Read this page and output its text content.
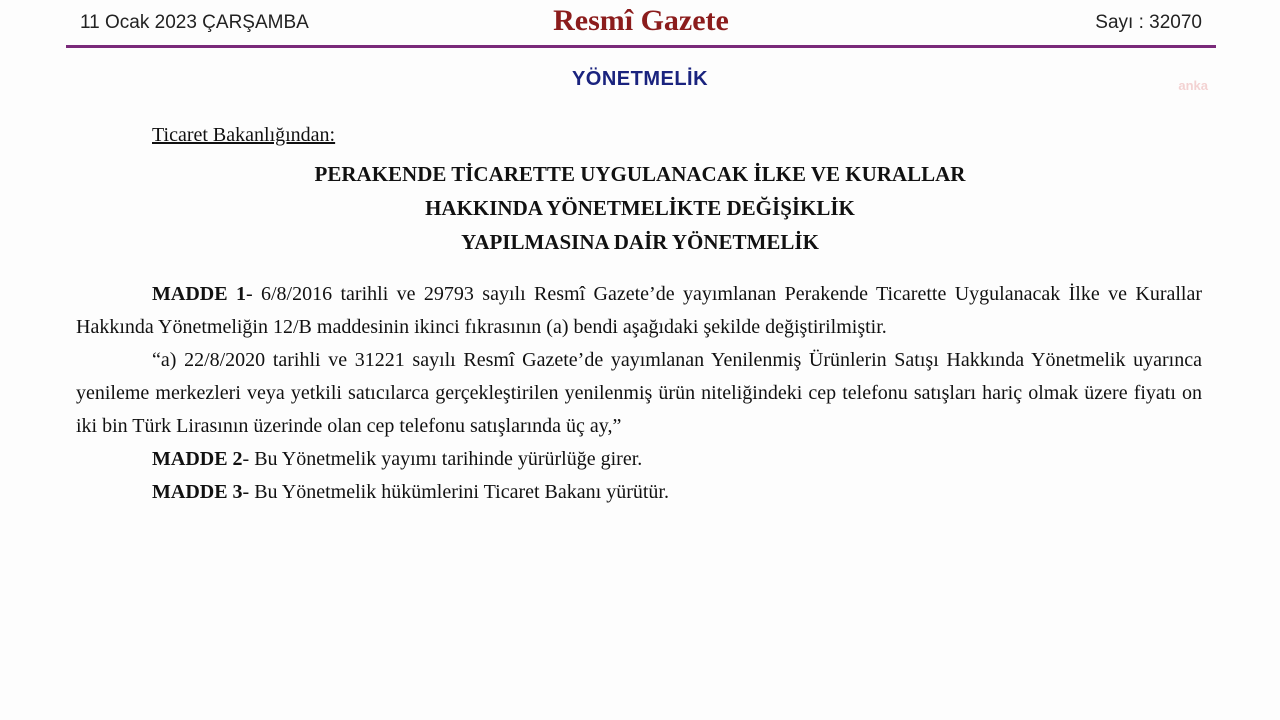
11 Ocak 2023 ÇARŞAMBA	Resmî Gazete	Sayı : 32070
YÖNETMELİK	anka
Ticaret Bakanlığından:
PERAKENDE TİCARETTE UYGULANACAK İLKE VE KURALLAR
HAKKINDA YÖNETMELİKTE DEĞİŞİKLİK
YAPILMASINA DAİR YÖNETMELİK

MADDE 1- 6/8/2016 tarihli ve 29793 sayılı Resmî Gazete’de yayımlanan Perakende Ticarette Uygulanacak İlke ve Kurallar Hakkında Yönetmeliğin 12/B maddesinin ikinci fıkrasının (a) bendi aşağıdaki şekilde değiştirilmiştir.

“a) 22/8/2020 tarihli ve 31221 sayılı Resmî Gazete’de yayımlanan Yenilenmiş Ürünlerin Satışı Hakkında Yönetmelik uyarınca yenileme merkezleri veya yetkili satıcılarca gerçekleştirilen yenilenmiş ürün niteliğindeki cep telefonu satışları hariç olmak üzere fiyatı on iki bin Türk Lirasının üzerinde olan cep telefonu satışlarında üç ay,”

MADDE 2- Bu Yönetmelik yayımı tarihinde yürürlüğe girer.

MADDE 3- Bu Yönetmelik hükümlerini Ticaret Bakanı yürütür.
